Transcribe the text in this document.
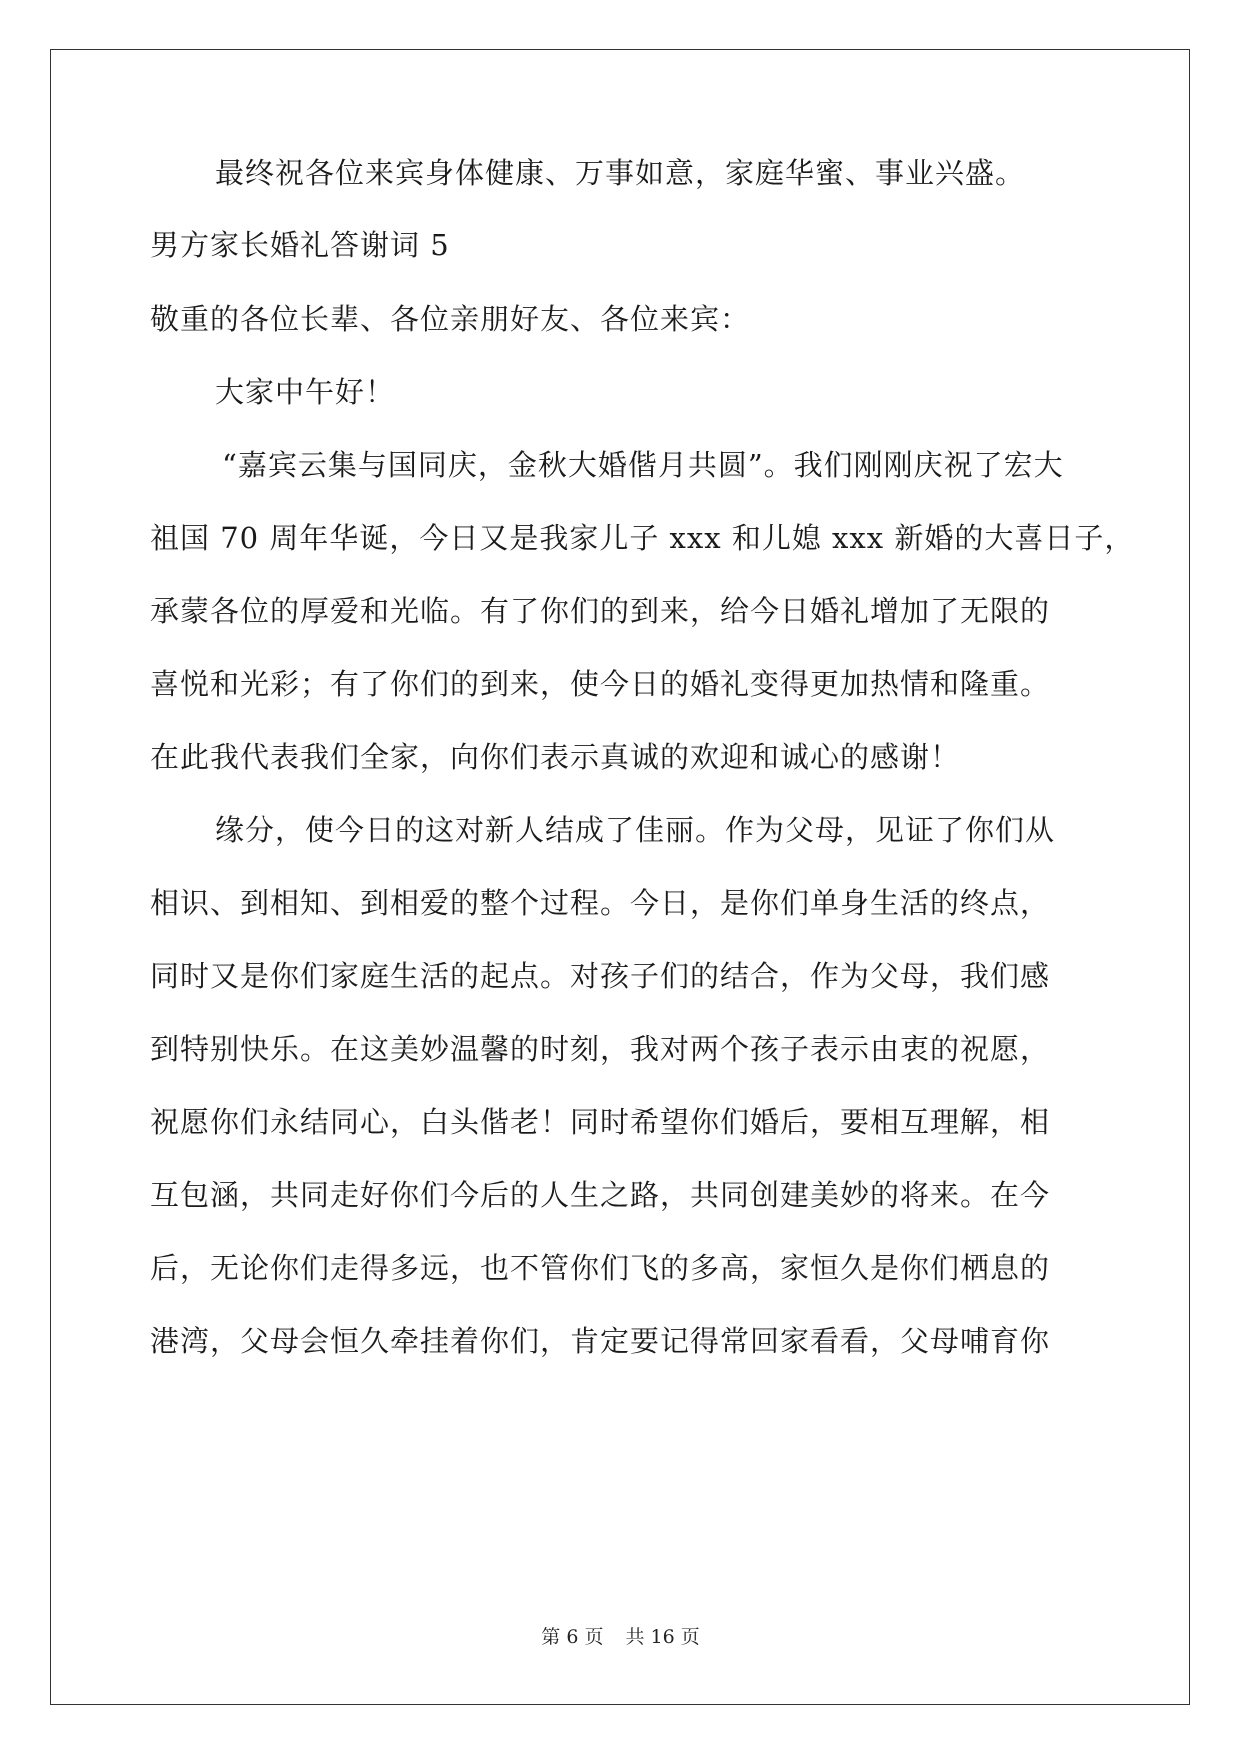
最终祝各位来宾身体健康、万事如意，家庭华蜜、事业兴盛。
男方家长婚礼答谢词 5
敬重的各位长辈、各位亲朋好友、各位来宾：
大家中午好！
“嘉宾云集与国同庆，金秋大婚偕月共圆”。我们刚刚庆祝了宏大
祖国 70 周年华诞，今日又是我家儿子 xxx 和儿媳 xxx 新婚的大喜日子，
承蒙各位的厚爱和光临。有了你们的到来，给今日婚礼增加了无限的
喜悦和光彩；有了你们的到来，使今日的婚礼变得更加热情和隆重。
在此我代表我们全家，向你们表示真诚的欢迎和诚心的感谢！
缘分，使今日的这对新人结成了佳丽。作为父母，见证了你们从
相识、到相知、到相爱的整个过程。今日，是你们单身生活的终点，
同时又是你们家庭生活的起点。对孩子们的结合，作为父母，我们感
到特别快乐。在这美妙温馨的时刻，我对两个孩子表示由衷的祝愿，
祝愿你们永结同心，白头偕老！同时希望你们婚后，要相互理解，相
互包涵，共同走好你们今后的人生之路，共同创建美妙的将来。在今
后，无论你们走得多远，也不管你们飞的多高，家恒久是你们栖息的
港湾，父母会恒久牵挂着你们，肯定要记得常回家看看，父母哺育你
第 6 页 共 16 页
